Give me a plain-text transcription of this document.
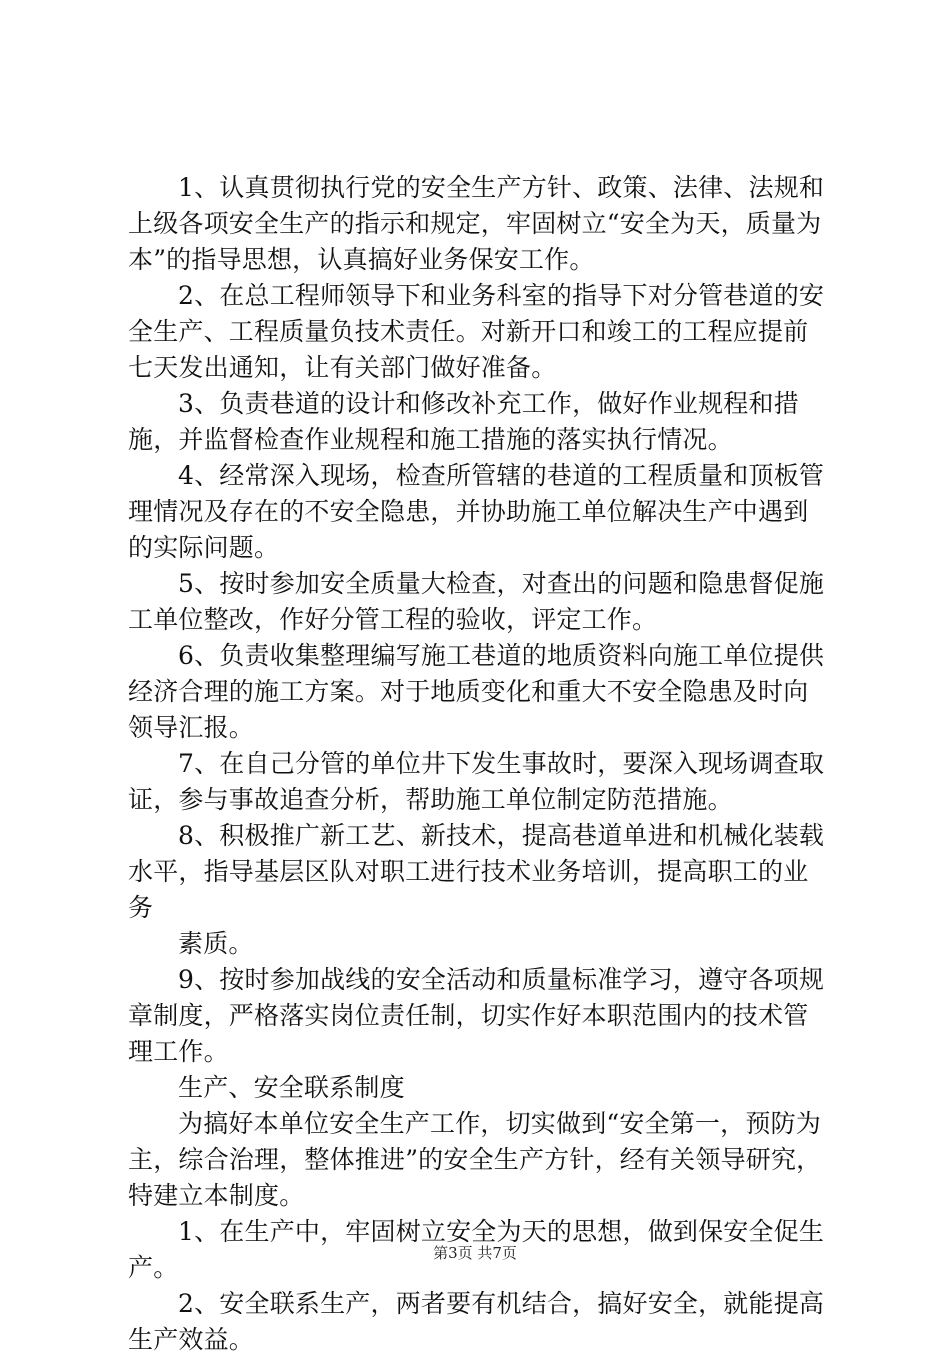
1、认真贯彻执行党的安全生产方针、政策、法律、法规和上级各项安全生产的指示和规定，牢固树立“安全为天，质量为本”的指导思想，认真搞好业务保安工作。

2、在总工程师领导下和业务科室的指导下对分管巷道的安全生产、工程质量负技术责任。对新开口和竣工的工程应提前七天发出通知，让有关部门做好准备。

3、负责巷道的设计和修改补充工作，做好作业规程和措施，并监督检查作业规程和施工措施的落实执行情况。

4、经常深入现场，检查所管辖的巷道的工程质量和顶板管理情况及存在的不安全隐患，并协助施工单位解决生产中遇到的实际问题。

5、按时参加安全质量大检查，对查出的问题和隐患督促施工单位整改，作好分管工程的验收，评定工作。

6、负责收集整理编写施工巷道的地质资料向施工单位提供经济合理的施工方案。对于地质变化和重大不安全隐患及时向领导汇报。

7、在自己分管的单位井下发生事故时，要深入现场调查取证，参与事故追查分析，帮助施工单位制定防范措施。

8、积极推广新工艺、新技术，提高巷道单进和机械化装载水平，指导基层区队对职工进行技术业务培训，提高职工的业务

素质。

9、按时参加战线的安全活动和质量标准学习，遵守各项规章制度，严格落实岗位责任制，切实作好本职范围内的技术管理工作。

生产、安全联系制度

为搞好本单位安全生产工作，切实做到“安全第一，预防为主，综合治理，整体推进”的安全生产方针，经有关领导研究，特建立本制度。

1、在生产中，牢固树立安全为天的思想，做到保安全促生产。

2、安全联系生产，两者要有机结合，搞好安全，就能提高生产效益。

第3页 共7页
